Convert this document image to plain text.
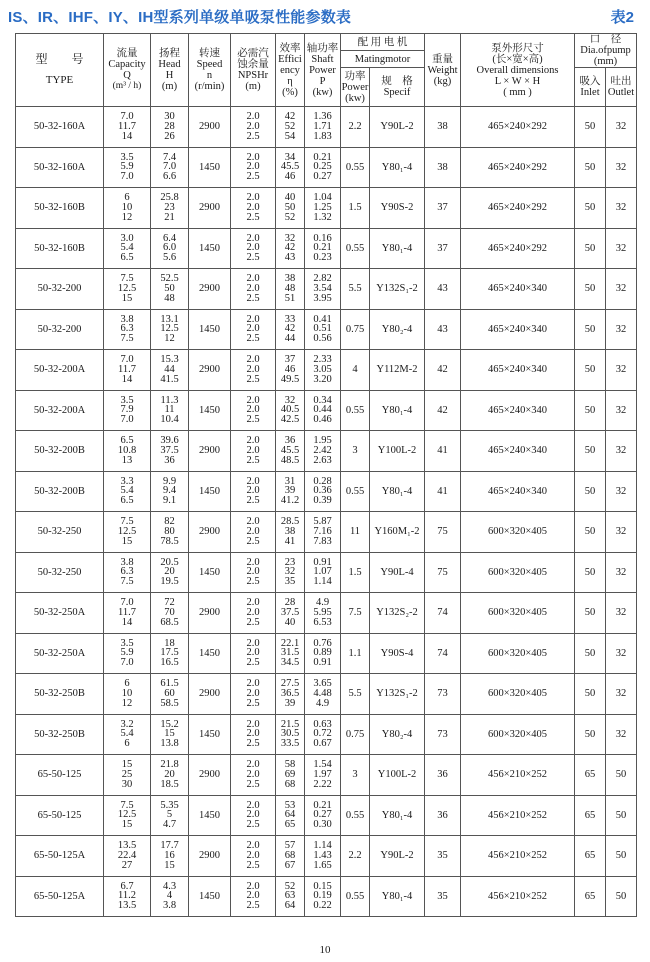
IS、IR、IHF、IY、IH型系列单级单吸泵性能参数表	表2
型　　号
TYPE	流量
Capacity
Q
(m³ / h)	扬程
Head
H
(m)	转速
Speed
n
(r/min)	必需汽
蚀余量
NPSHr
(m)	效率
Effici
ency
η
(%)	轴功率
Shaft
Power
P
(kw)	配 用 电 机		重量
Weight
(kg)	泵外形尺寸
(长×宽×高)
Overall dimensions
L × W × H
( mm )	口　径
Dia.ofpump
(mm)	

							Matingmotor					

							功率
Power
(kw)	规　格
Specif			吸入
Inlet	吐出
Outlet

50-32-160A	7.0
11.7
14	30
28
26	2900	2.0
2.0
2.5	42
52
54	1.36
1.71
1.83	2.2	Y90L-2	38	465×240×292	50	32
50-32-160A	3.5
5.9
7.0	7.4
7.0
6.6	1450	2.0
2.0
2.5	34
45.5
46	0.21
0.25
0.27	0.55	Y80₁-4	38	465×240×292	50	32
50-32-160B	6
10
12	25.8
23
21	2900	2.0
2.0
2.5	40
50
52	1.04
1.25
1.32	1.5	Y90S-2	37	465×240×292	50	32
50-32-160B	3.0
5.4
6.5	6.4
6.0
5.6	1450	2.0
2.0
2.5	32
42
43	0.16
0.21
0.23	0.55	Y80₁-4	37	465×240×292	50	32
50-32-200	7.5
12.5
15	52.5
50
48	2900	2.0
2.0
2.5	38
48
51	2.82
3.54
3.95	5.5	Y132S₁-2	43	465×240×340	50	32
50-32-200	3.8
6.3
7.5	13.1
12.5
12	1450	2.0
2.0
2.5	33
42
44	0.41
0.51
0.56	0.75	Y80₂-4	43	465×240×340	50	32
50-32-200A	7.0
11.7
14	15.3
44
41.5	2900	2.0
2.0
2.5	37
46
49.5	2.33
3.05
3.20	4	Y112M-2	42	465×240×340	50	32
50-32-200A	3.5
7.9
7.0	11.3
11
10.4	1450	2.0
2.0
2.5	32
40.5
42.5	0.34
0.44
0.46	0.55	Y80₁-4	42	465×240×340	50	32
50-32-200B	6.5
10.8
13	39.6
37.5
36	2900	2.0
2.0
2.5	36
45.5
48.5	1.95
2.42
2.63	3	Y100L-2	41	465×240×340	50	32
50-32-200B	3.3
5.4
6.5	9.9
9.4
9.1	1450	2.0
2.0
2.5	31
39
41.2	0.28
0.36
0.39	0.55	Y80₁-4	41	465×240×340	50	32
50-32-250	7.5
12.5
15	82
80
78.5	2900	2.0
2.0
2.5	28.5
38
41	5.87
7.16
7.83	11	Y160M₁-2	75	600×320×405	50	32
50-32-250	3.8
6.3
7.5	20.5
20
19.5	1450	2.0
2.0
2.5	23
32
35	0.91
1.07
1.14	1.5	Y90L-4	75	600×320×405	50	32
50-32-250A	7.0
11.7
14	72
70
68.5	2900	2.0
2.0
2.5	28
37.5
40	4.9
5.95
6.53	7.5	Y132S₂-2	74	600×320×405	50	32
50-32-250A	3.5
5.9
7.0	18
17.5
16.5	1450	2.0
2.0
2.5	22.1
31.5
34.5	0.76
0.89
0.91	1.1	Y90S-4	74	600×320×405	50	32
50-32-250B	6
10
12	61.5
60
58.5	2900	2.0
2.0
2.5	27.5
36.5
39	3.65
4.48
4.9	5.5	Y132S₁-2	73	600×320×405	50	32
50-32-250B	3.2
5.4
6	15.2
15
13.8	1450	2.0
2.0
2.5	21.5
30.5
33.5	0.63
0.72
0.67	0.75	Y80₂-4	73	600×320×405	50	32
65-50-125	15
25
30	21.8
20
18.5	2900	2.0
2.0
2.5	58
69
68	1.54
1.97
2.22	3	Y100L-2	36	456×210×252	65	50
65-50-125	7.5
12.5
15	5.35
5
4.7	1450	2.0
2.0
2.5	53
64
65	0.21
0.27
0.30	0.55	Y80₁-4	36	456×210×252	65	50
65-50-125A	13.5
22.4
27	17.7
16
15	2900	2.0
2.0
2.5	57
68
67	1.14
1.43
1.65	2.2	Y90L-2	35	456×210×252	65	50
65-50-125A	6.7
11.2
13.5	4.3
4
3.8	1450	2.0
2.0
2.5	52
63
64	0.15
0.19
0.22	0.55	Y80₁-4	35	456×210×252	65	50
10
